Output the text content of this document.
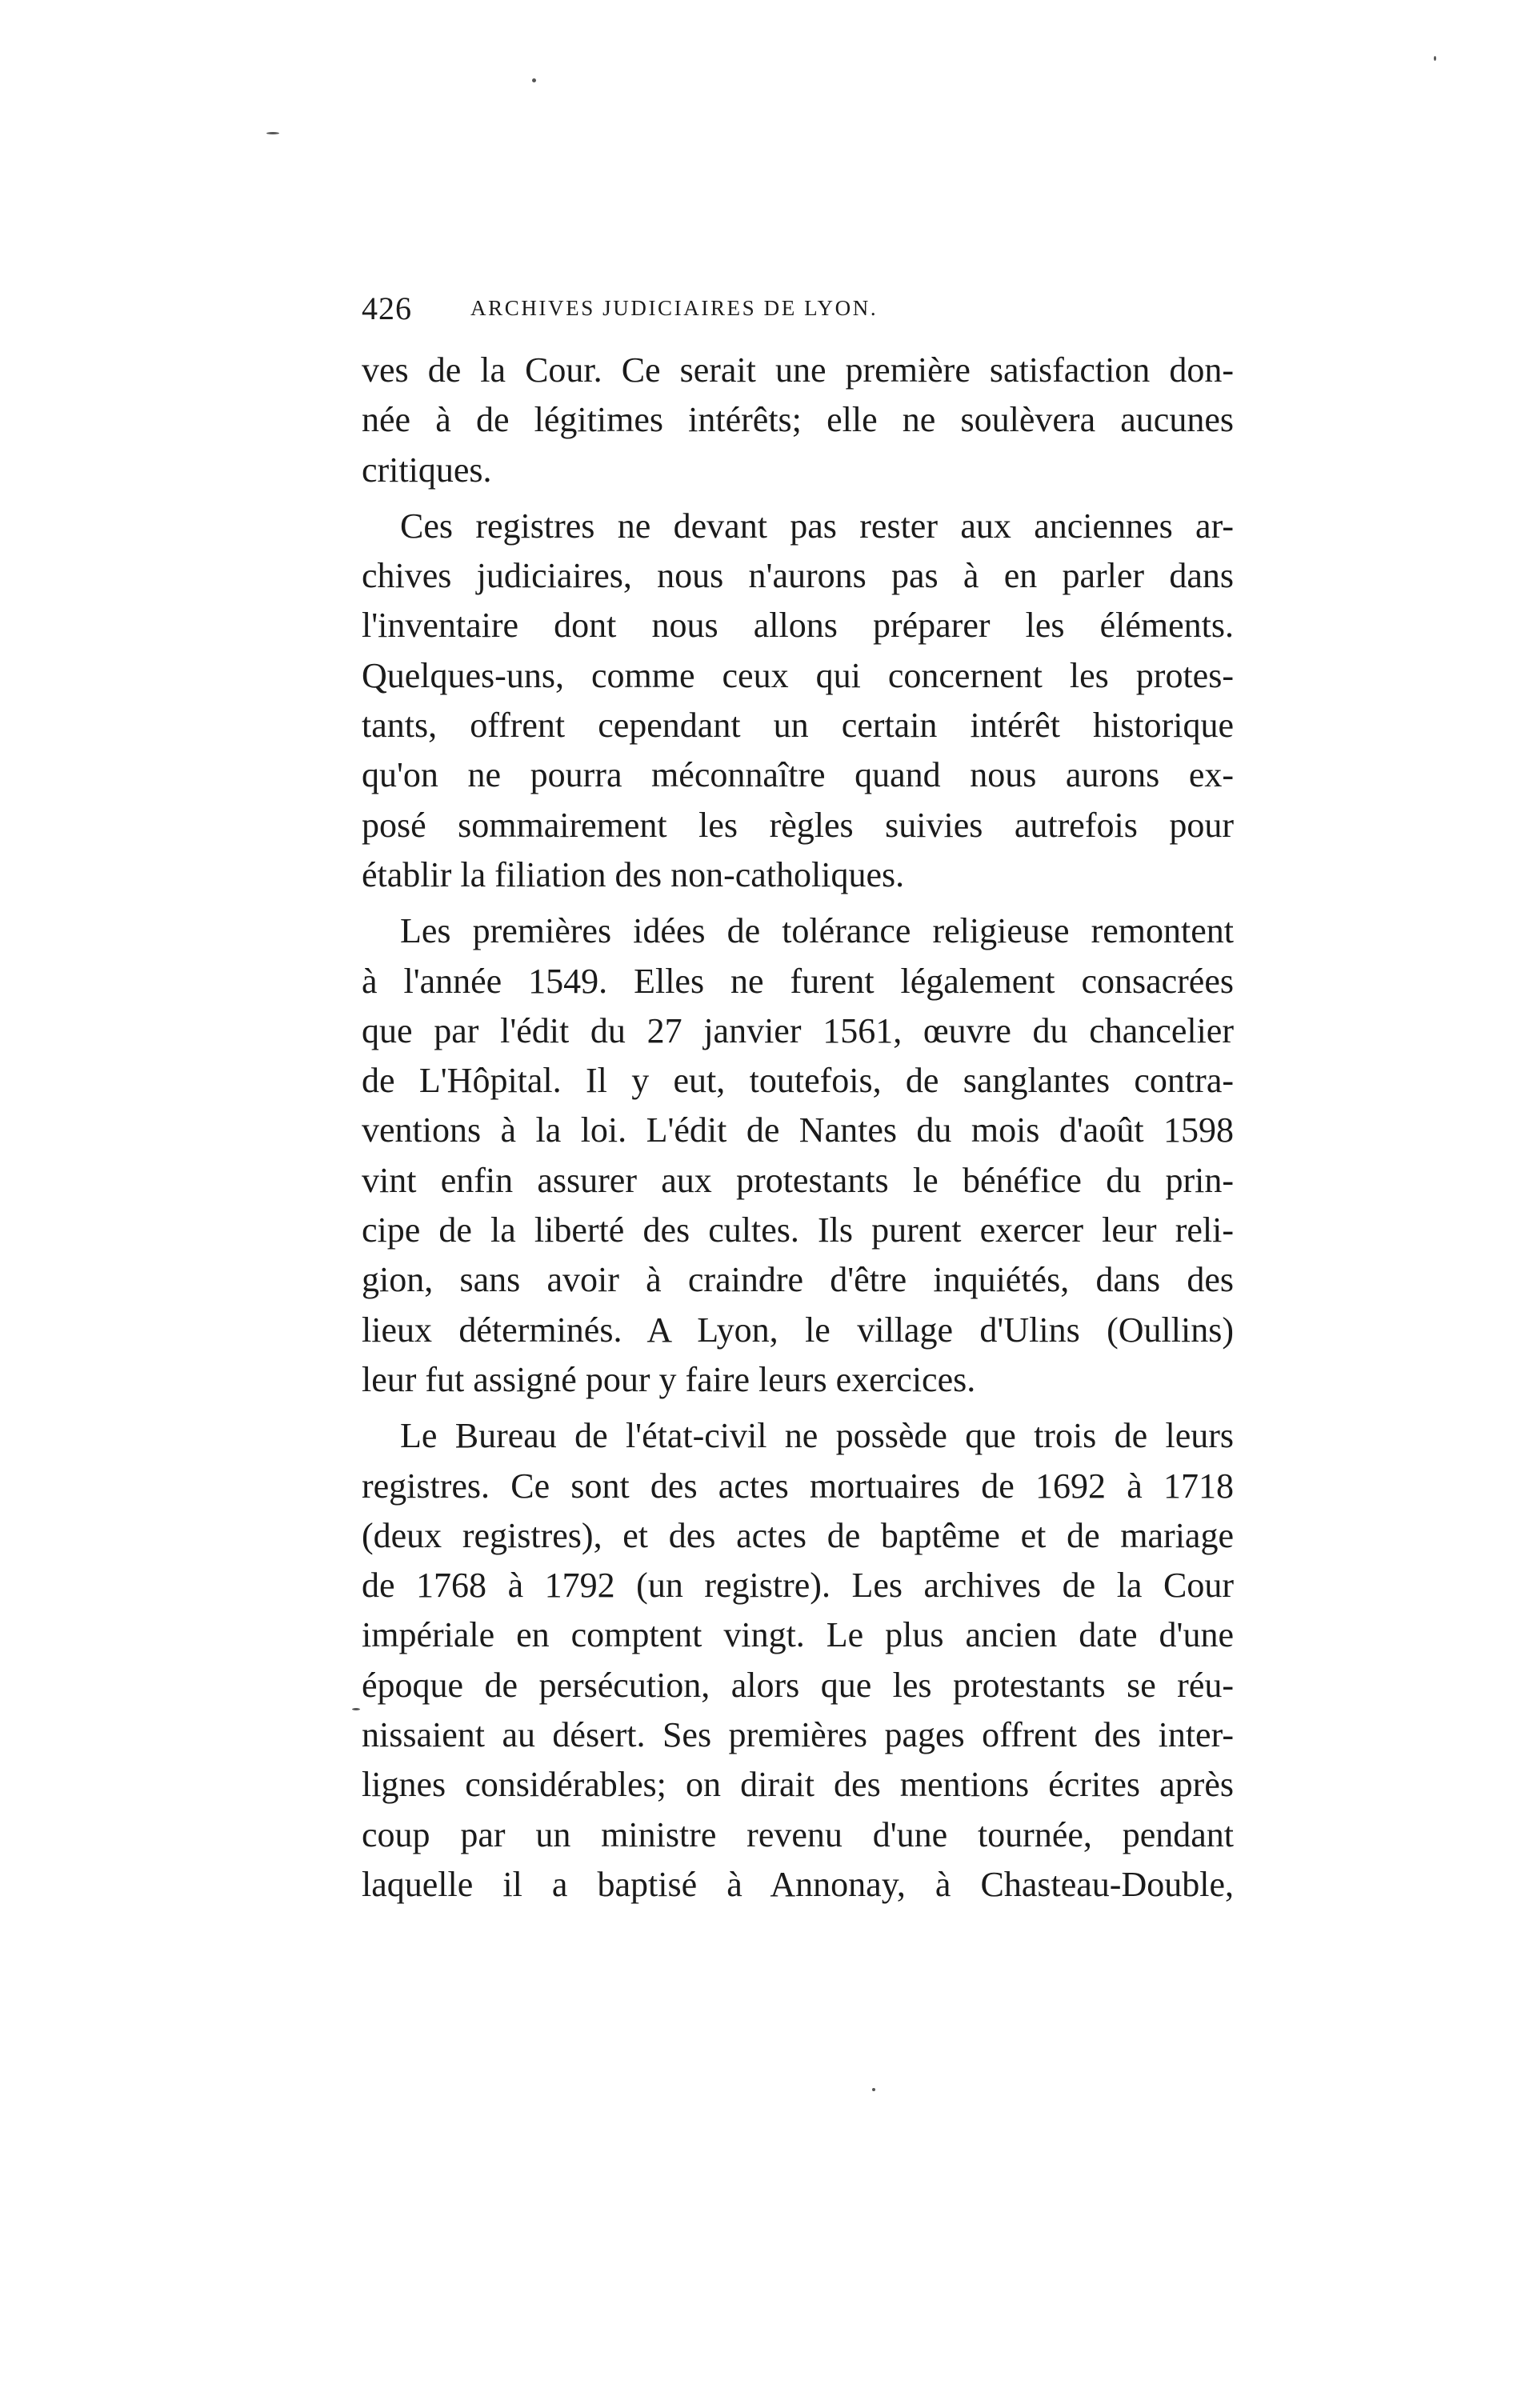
426	ARCHIVES JUDICIAIRES DE LYON.
ves de la Cour. Ce serait une première satisfaction don-
née à de légitimes intérêts; elle ne soulèvera aucunes
critiques.
Ces registres ne devant pas rester aux anciennes ar-
chives judiciaires, nous n'aurons pas à en parler dans
l'inventaire dont nous allons préparer les éléments.
Quelques-uns, comme ceux qui concernent les protes-
tants, offrent cependant un certain intérêt historique
qu'on ne pourra méconnaître quand nous aurons ex-
posé sommairement les règles suivies autrefois pour
établir la filiation des non-catholiques.
Les premières idées de tolérance religieuse remontent
à l'année 1549. Elles ne furent légalement consacrées
que par l'édit du 27 janvier 1561, œuvre du chancelier
de L'Hôpital. Il y eut, toutefois, de sanglantes contra-
ventions à la loi. L'édit de Nantes du mois d'août 1598
vint enfin assurer aux protestants le bénéfice du prin-
cipe de la liberté des cultes. Ils purent exercer leur reli-
gion, sans avoir à craindre d'être inquiétés, dans des
lieux déterminés. A Lyon, le village d'Ulins (Oullins)
leur fut assigné pour y faire leurs exercices.
Le Bureau de l'état-civil ne possède que trois de leurs
registres. Ce sont des actes mortuaires de 1692 à 1718
(deux registres), et des actes de baptême et de mariage
de 1768 à 1792 (un registre). Les archives de la Cour
impériale en comptent vingt. Le plus ancien date d'une
époque de persécution, alors que les protestants se réu-
nissaient au désert. Ses premières pages offrent des inter-
lignes considérables; on dirait des mentions écrites après
coup par un ministre revenu d'une tournée, pendant
laquelle il a baptisé à Annonay, à Chasteau-Double,
